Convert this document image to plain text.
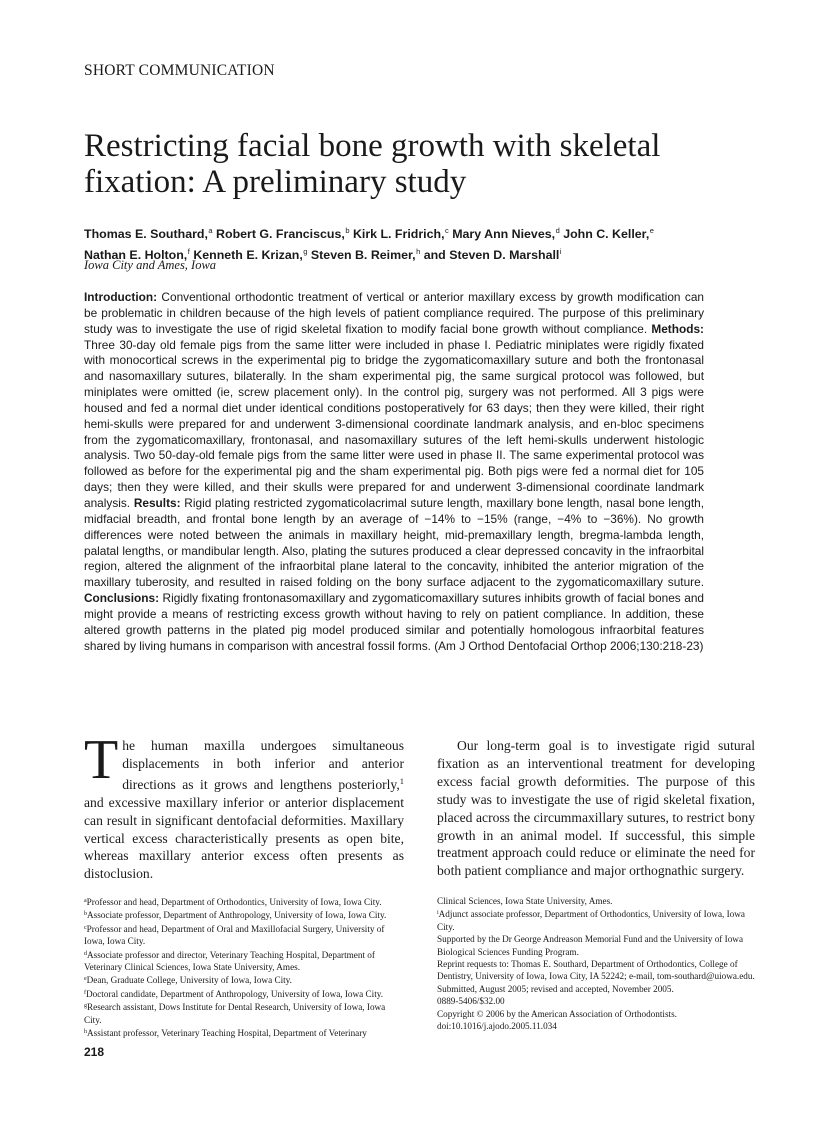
SHORT COMMUNICATION
Restricting facial bone growth with skeletal fixation: A preliminary study
Thomas E. Southard,$^a$ Robert G. Franciscus,$^b$ Kirk L. Fridrich,$^c$ Mary Ann Nieves,$^d$ John C. Keller,$^e$
Nathan E. Holton,$^f$ Kenneth E. Krizan,$^g$ Steven B. Reimer,$^h$ and Steven D. Marshall$^i$
Iowa City and Ames, Iowa
Introduction: Conventional orthodontic treatment of vertical or anterior maxillary excess by growth modification can be problematic in children because of the high levels of patient compliance required. The purpose of this preliminary study was to investigate the use of rigid skeletal fixation to modify facial bone growth without compliance. Methods: Three 30-day old female pigs from the same litter were included in phase I. Pediatric miniplates were rigidly fixated with monocortical screws in the experimental pig to bridge the zygomaticomaxillary suture and both the frontonasal and nasomaxillary sutures, bilaterally. In the sham experimental pig, the same surgical protocol was followed, but miniplates were omitted (ie, screw placement only). In the control pig, surgery was not performed. All 3 pigs were housed and fed a normal diet under identical conditions postoperatively for 63 days; then they were killed, their right hemi-skulls were prepared for and underwent 3-dimensional coordinate landmark analysis, and en-bloc specimens from the zygomaticomaxillary, frontonasal, and nasomaxillary sutures of the left hemi-skulls underwent histologic analysis. Two 50-day-old female pigs from the same litter were used in phase II. The same experimental protocol was followed as before for the experimental pig and the sham experimental pig. Both pigs were fed a normal diet for 105 days; then they were killed, and their skulls were prepared for and underwent 3-dimensional coordinate landmark analysis. Results: Rigid plating restricted zygomaticolacrimal suture length, maxillary bone length, nasal bone length, midfacial breadth, and frontal bone length by an average of −14% to −15% (range, −4% to −36%). No growth differences were noted between the animals in maxillary height, mid-premaxillary length, bregma-lambda length, palatal lengths, or mandibular length. Also, plating the sutures produced a clear depressed concavity in the infraorbital region, altered the alignment of the infraorbital plane lateral to the concavity, inhibited the anterior migration of the maxillary tuberosity, and resulted in raised folding on the bony surface adjacent to the zygomaticomaxillary suture. Conclusions: Rigidly fixating frontonasomaxillary and zygomaticomaxillary sutures inhibits growth of facial bones and might provide a means of restricting excess growth without having to rely on patient compliance. In addition, these altered growth patterns in the plated pig model produced similar and potentially homologous infraorbital features shared by living humans in comparison with ancestral fossil forms. (Am J Orthod Dentofacial Orthop 2006;130:218-23)
The human maxilla undergoes simultaneous displacements in both inferior and anterior directions as it grows and lengthens posteriorly,$^1$ and excessive maxillary inferior or anterior displacement can result in significant dentofacial deformities. Maxillary vertical excess characteristically presents as open bite, whereas maxillary anterior excess often presents as distoclusion.
Our long-term goal is to investigate rigid sutural fixation as an interventional treatment for developing excess facial growth deformities. The purpose of this study was to investigate the use of rigid skeletal fixation, placed across the circummaxillary sutures, to restrict bony growth in an animal model. If successful, this simple treatment approach could reduce or eliminate the need for both patient compliance and major orthognathic surgery.

$^a$Professor and head, Department of Orthodontics, University of Iowa, Iowa City.

$^b$Associate professor, Department of Anthropology, University of Iowa, Iowa City.

$^c$Professor and head, Department of Oral and Maxillofacial Surgery, University of Iowa, Iowa City.

$^d$Associate professor and director, Veterinary Teaching Hospital, Department of Veterinary Clinical Sciences, Iowa State University, Ames.

$^e$Dean, Graduate College, University of Iowa, Iowa City.

$^f$Doctoral candidate, Department of Anthropology, University of Iowa, Iowa City.

$^g$Research assistant, Dows Institute for Dental Research, University of Iowa, Iowa City.

$^h$Assistant professor, Veterinary Teaching Hospital, Department of Veterinary

Clinical Sciences, Iowa State University, Ames.

$^i$Adjunct associate professor, Department of Orthodontics, University of Iowa, Iowa City.

Supported by the Dr George Andreason Memorial Fund and the University of Iowa Biological Sciences Funding Program.

Reprint requests to: Thomas E. Southard, Department of Orthodontics, College of Dentistry, University of Iowa, Iowa City, IA 52242; e-mail, tom-southard@uiowa.edu.

Submitted, August 2005; revised and accepted, November 2005.

0889-5406/$32.00

Copyright © 2006 by the American Association of Orthodontists.

doi:10.1016/j.ajodo.2005.11.034

218
